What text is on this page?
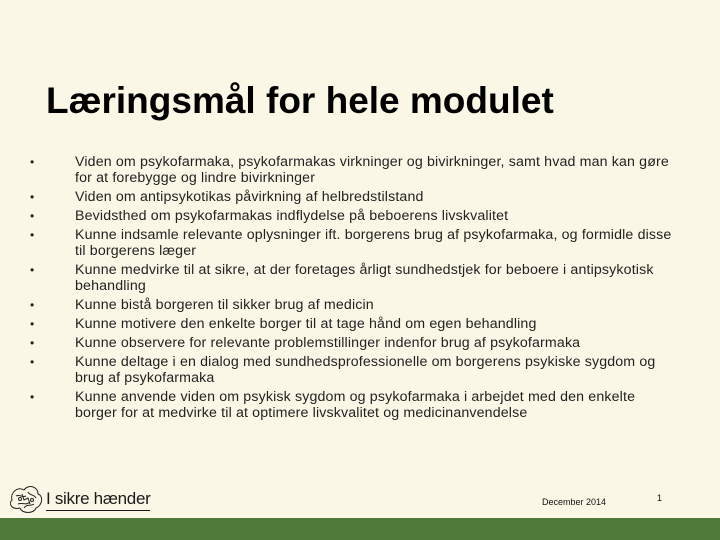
Læringsmål for hele modulet
•	Viden om psykofarmaka, psykofarmakas virkninger og bivirkninger, samt hvad man kan gøre for at forebygge og lindre bivirkninger
•	Viden om antipsykotikas påvirkning af helbredstilstand
•	Bevidsthed om psykofarmakas indflydelse på beboerens livskvalitet
•	Kunne indsamle relevante oplysninger ift. borgerens brug af psykofarmaka, og formidle disse til borgerens læger
•	Kunne medvirke til at sikre, at der foretages årligt sundhedstjek for beboere i antipsykotisk behandling
•	Kunne bistå borgeren til sikker brug af medicin
•	Kunne motivere den enkelte borger til at tage hånd om egen behandling
•	Kunne observere for relevante problemstillinger indenfor brug af psykofarmaka
•	Kunne deltage i en dialog med sundhedsprofessionelle om borgerens psykiske sygdom og brug af psykofarmaka
•	Kunne anvende viden om psykisk sygdom og psykofarmaka i arbejdet med den enkelte borger for at medvirke til at optimere livskvalitet og medicinanvendelse
I sikre hænder	December 2014	1
